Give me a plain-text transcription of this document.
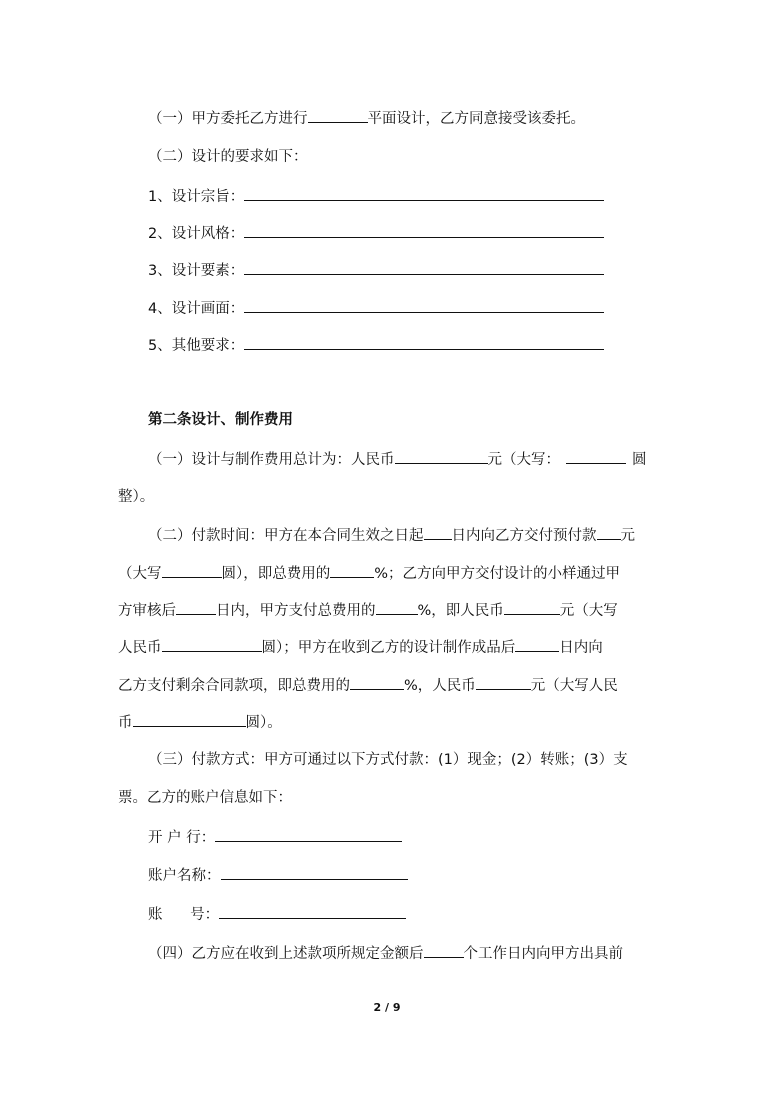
（一）甲方委托乙方进行	平面设计，乙方同意接受该委托。
（二）设计的要求如下：
1、设计宗旨：
2、设计风格：
3、设计要素：
4、设计画面：
5、其他要求：
第二条设计、制作费用
（一）设计与制作费用总计为：人民币	元（大写：	圆
整）。
（二）付款时间：甲方在本合同生效之日起 日内向乙方交付预付款 元
（大写	圆），即总费用的	%；乙方向甲方交付设计的小样通过甲
方审核后	日内，甲方支付总费用的	%，即人民币	元（大写
人民币	圆）；甲方在收到乙方的设计制作成品后	日内向
乙方支付剩余合同款项，即总费用的	%，人民币	元（大写人民
币	圆）。
（三）付款方式：甲方可通过以下方式付款：(1）现金；(2）转账；(3）支
票。乙方的账户信息如下：
开 户 行：
账户名称：
账      号：
（四）乙方应在收到上述款项所规定金额后	个工作日内向甲方出具前
2 / 9
